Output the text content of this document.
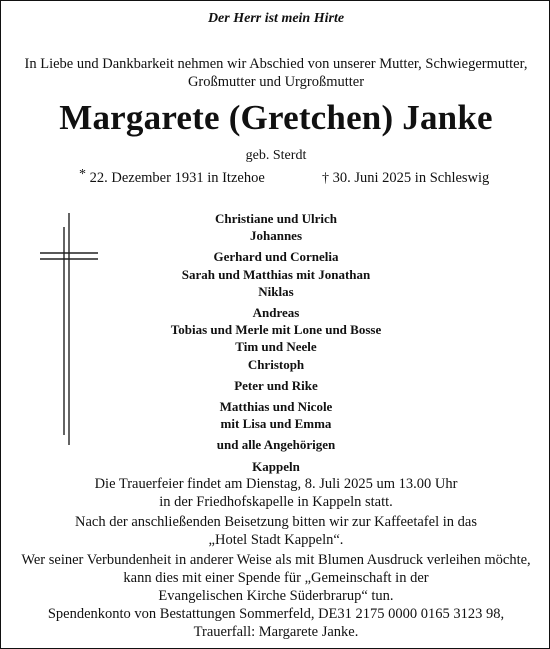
Der Herr ist mein Hirte
In Liebe und Dankbarkeit nehmen wir Abschied von unserer Mutter, Schwiegermutter,
Großmutter und Urgroßmutter
Margarete (Gretchen) Janke
geb. Sterdt
* 22. Dezember 1931 in Itzehoe	† 30. Juni 2025 in Schleswig
Christiane und Ulrich
Johannes
Gerhard und Cornelia
Sarah und Matthias mit Jonathan
Niklas
Andreas
Tobias und Merle mit Lone und Bosse
Tim und Neele
Christoph
Peter und Rike
Matthias und Nicole
mit Lisa und Emma
und alle Angehörigen
Kappeln
Die Trauerfeier findet am Dienstag, 8. Juli 2025 um 13.00 Uhr
in der Friedhofskapelle in Kappeln statt.
Nach der anschließenden Beisetzung bitten wir zur Kaffeetafel in das
„Hotel Stadt Kappeln“.
Wer seiner Verbundenheit in anderer Weise als mit Blumen Ausdruck verleihen möchte,
kann dies mit einer Spende für „Gemeinschaft in der
Evangelischen Kirche Süderbrarup“ tun.
Spendenkonto von Bestattungen Sommerfeld, DE31 2175 0000 0165 3123 98,
Trauerfall: Margarete Janke.
